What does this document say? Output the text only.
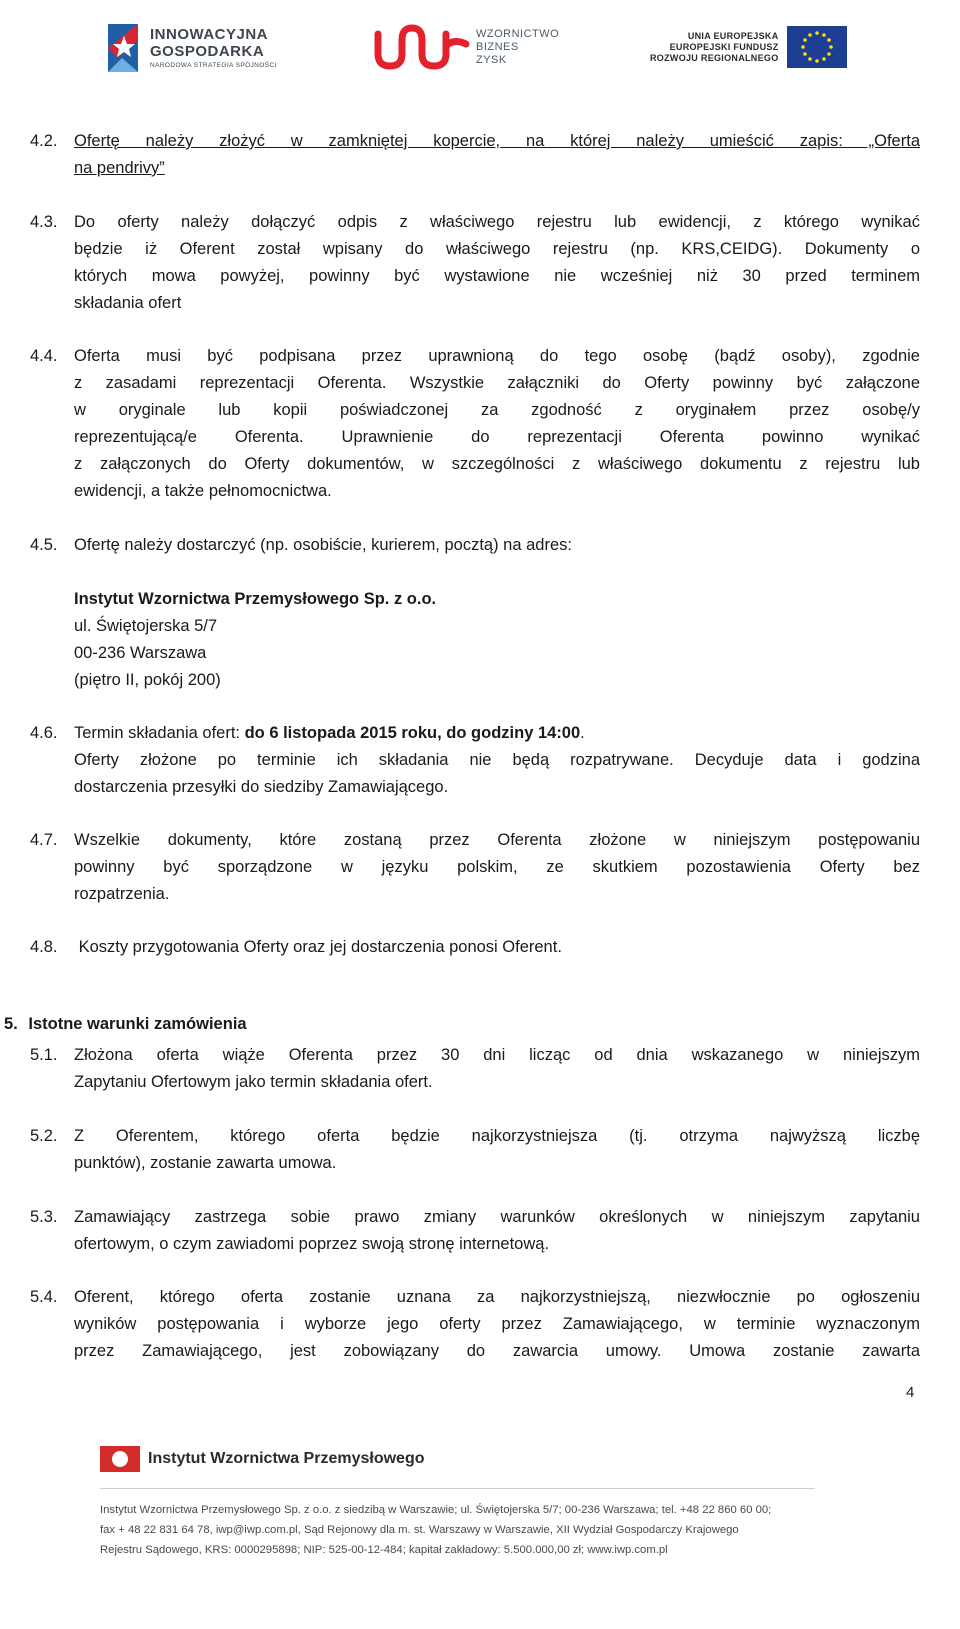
INNOWACYJNA
GOSPODARKA
NARODOWA STRATEGIA SPÓJNOŚCI
WZORNICTWO
BIZNES
ZYSK
UNIA EUROPEJSKA
EUROPEJSKI FUNDUSZ
ROZWOJU REGIONALNEGO
4.2. Ofertę należy złożyć w zamkniętej kopercie, na której należy umieścić zapis: „Oferta
na pendrivy”
4.3. Do oferty należy dołączyć odpis z właściwego rejestru lub ewidencji, z którego wynikać
będzie iż Oferent został wpisany do właściwego rejestru (np. KRS,CEIDG). Dokumenty o
których mowa powyżej, powinny być wystawione nie wcześniej niż 30 przed terminem
składania ofert
4.4. Oferta musi być podpisana przez uprawnioną do tego osobę (bądź osoby), zgodnie
z zasadami reprezentacji Oferenta. Wszystkie załączniki do Oferty powinny być załączone
w oryginale lub kopii poświadczonej za zgodność z oryginałem przez osobę/y
reprezentującą/e Oferenta. Uprawnienie do reprezentacji Oferenta powinno wynikać
z załączonych do Oferty dokumentów, w szczególności z właściwego dokumentu z rejestru lub
ewidencji, a także pełnomocnictwa.
4.5. Ofertę należy dostarczyć (np. osobiście, kurierem, pocztą) na adres:
Instytut Wzornictwa Przemysłowego Sp. z o.o.
ul. Świętojerska 5/7
00-236 Warszawa
(piętro II, pokój 200)
4.6. Termin składania ofert: do 6 listopada 2015 roku, do godziny 14:00.
Oferty złożone po terminie ich składania nie będą rozpatrywane. Decyduje data i godzina
dostarczenia przesyłki do siedziby Zamawiającego.
4.7. Wszelkie dokumenty, które zostaną przez Oferenta złożone w niniejszym postępowaniu
powinny być sporządzone w języku polskim, ze skutkiem pozostawienia Oferty bez
rozpatrzenia.
4.8. Koszty przygotowania Oferty oraz jej dostarczenia ponosi Oferent.
5. Istotne warunki zamówienia
5.1. Złożona oferta wiąże Oferenta przez 30 dni licząc od dnia wskazanego w niniejszym
Zapytaniu Ofertowym jako termin składania ofert.
5.2. Z Oferentem, którego oferta będzie najkorzystniejsza (tj. otrzyma najwyższą liczbę
punktów), zostanie zawarta umowa.
5.3. Zamawiający zastrzega sobie prawo zmiany warunków określonych w niniejszym zapytaniu
ofertowym, o czym zawiadomi poprzez swoją stronę internetową.
5.4. Oferent, którego oferta zostanie uznana za najkorzystniejszą, niezwłocznie po ogłoszeniu
wyników postępowania i wyborze jego oferty przez Zamawiającego, w terminie wyznaczonym
przez Zamawiającego, jest zobowiązany do zawarcia umowy. Umowa zostanie zawarta
4
Instytut Wzornictwa Przemysłowego
Instytut Wzornictwa Przemysłowego Sp. z o.o. z siedzibą w Warszawie; ul. Świętojerska 5/7; 00-236 Warszawa; tel. +48 22 860 60 00;
fax + 48 22 831 64 78, iwp@iwp.com.pl, Sąd Rejonowy dla m. st. Warszawy w Warszawie, XII Wydział Gospodarczy Krajowego
Rejestru Sądowego, KRS: 0000295898; NIP: 525-00-12-484; kapitał zakładowy: 5.500.000,00 zł; www.iwp.com.pl
